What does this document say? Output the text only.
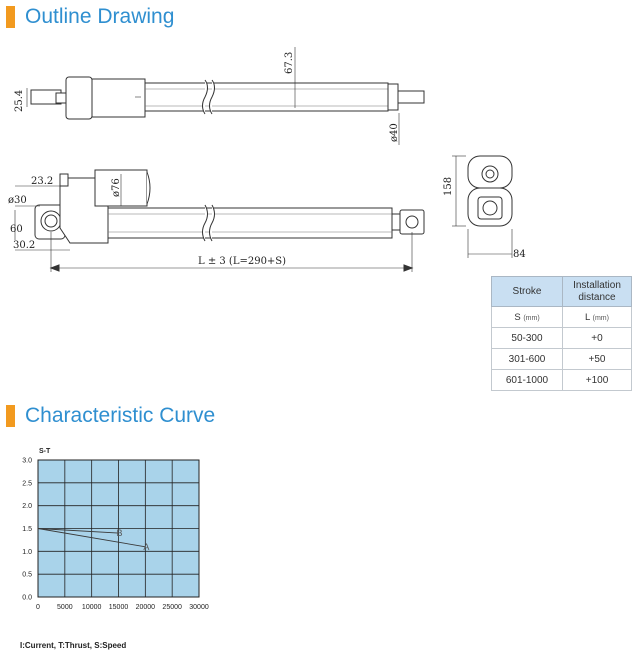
Outline Drawing
25.4
67.3
ø40
23.2
ø30
60
30.2
ø76
L ± 3 (L=290+S)
158
84
Stroke	Installation distance
S (mm)	L (mm)
50-300	+0
301-600	+50
601-1000	+100
Characteristic Curve
S-T
0 5000 10000 15000 20000 25000 30000
0.0
0.5
1.0
1.5
2.0
2.5
3.0
B
A
I:Current, T:Thrust, S:Speed
